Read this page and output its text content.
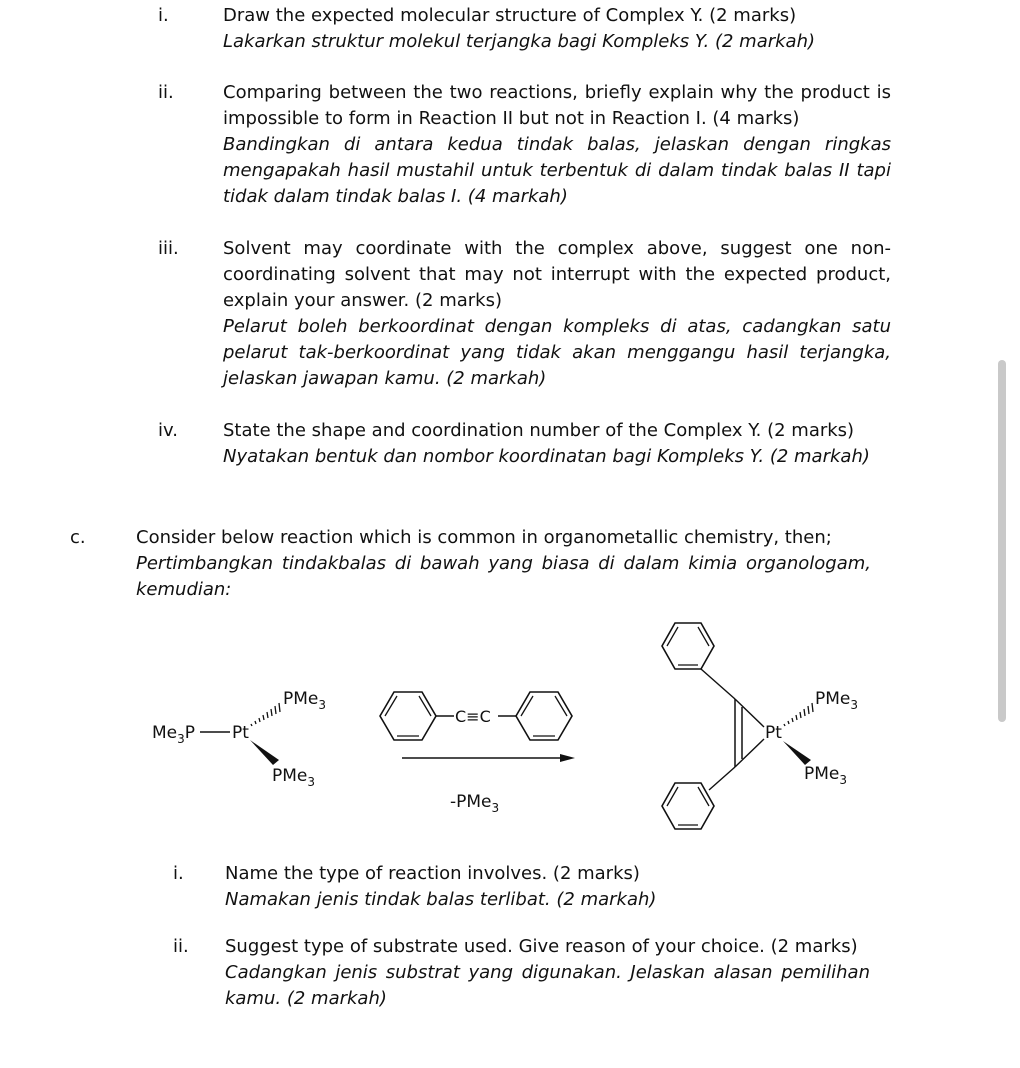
i.	Draw the expected molecular structure of Complex Y. (2 marks)

Lakarkan struktur molekul terjangka bagi Kompleks Y. (2 markah)

ii.	Comparing between the two reactions, briefly explain why the product is impossible to form in Reaction II but not in Reaction I. (4 marks)

Bandingkan di antara kedua tindak balas, jelaskan dengan ringkas mengapakah hasil mustahil untuk terbentuk di dalam tindak balas II tapi tidak dalam tindak balas I. (4 markah)

iii. Solvent may coordinate with the complex above, suggest one non-coordinating solvent that may not interrupt with the expected product, explain your answer. (2 marks)

Pelarut boleh berkoordinat dengan kompleks di atas, cadangkan satu pelarut tak-berkoordinat yang tidak akan menggangu hasil terjangka, jelaskan jawapan kamu. (2 markah)

iv.	State the shape and coordination number of the Complex Y. (2 marks)

Nyatakan bentuk dan nombor koordinatan bagi Kompleks Y. (2 markah)

c.	Consider below reaction which is common in organometallic chemistry, then;

Pertimbangkan tindakbalas di bawah yang biasa di dalam kimia organologam, kemudian:

$Me_3P$ Pt
PMe$_3$
PMe$_3$
C≡C
-PMe$_3$
Pt
PMe$_3$
PMe$_3$
i. Name the type of reaction involves. (2 marks)

Namakan jenis tindak balas terlibat. (2 markah)

ii. Suggest type of substrate used. Give reason of your choice. (2 marks)

Cadangkan jenis substrat yang digunakan. Jelaskan alasan pemilihan kamu. (2 markah)
